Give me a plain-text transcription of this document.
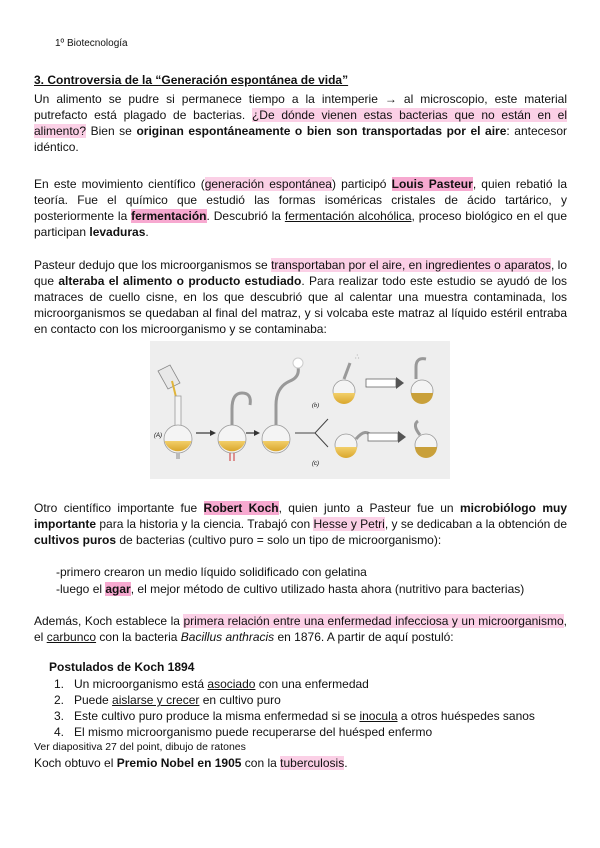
1º Biotecnología
3. Controversia de la “Generación espontánea de vida”
Un alimento se pudre si permanece tiempo a la intemperie → al microscopio, este material putrefacto está plagado de bacterias. ¿De dónde vienen estas bacterias que no están en el alimento? Bien se originan espontáneamente o bien son transportadas por el aire: antecesor idéntico.
En este movimiento científico (generación espontánea) participó Louis Pasteur, quien rebatió la teoría. Fue el químico que estudió las formas isoméricas cristales de ácido tartárico, y posteriormente la fermentación. Descubrió la fermentación alcohólica, proceso biológico en el que participan levaduras.
Pasteur dedujo que los microorganismos se transportaban por el aire, en ingredientes o aparatos, lo que alteraba el alimento o producto estudiado. Para realizar todo este estudio se ayudó de los matraces de cuello cisne, en los que descubrió que al calentar una muestra contaminada, los microorganismos se quedaban al final del matraz, y si volcaba este matraz al líquido estéril entraba en contacto con los microorganismo y se contaminaba:
(b)
(A)
(c)
∴
Otro científico importante fue Robert Koch, quien junto a Pasteur fue un microbiólogo muy importante para la historia y la ciencia. Trabajó con Hesse y Petri, y se dedicaban a la obtención de cultivos puros de bacterias (cultivo puro = solo un tipo de microorganismo):
-primero crearon un medio líquido solidificado con gelatina
-luego el agar, el mejor método de cultivo utilizado hasta ahora (nutritivo para bacterias)
Además, Koch establece la primera relación entre una enfermedad infecciosa y un microorganismo, el carbunco con la bacteria Bacillus anthracis en 1876. A partir de aquí postuló:
Postulados de Koch 1894
1. Un microorganismo está asociado con una enfermedad
2. Puede aislarse y crecer en cultivo puro
3. Este cultivo puro produce la misma enfermedad si se inocula a otros huéspedes sanos
4. El mismo microorganismo puede recuperarse del huésped enfermo
Ver diapositiva 27 del point, dibujo de ratones
Koch obtuvo el Premio Nobel en 1905 con la tuberculosis.
